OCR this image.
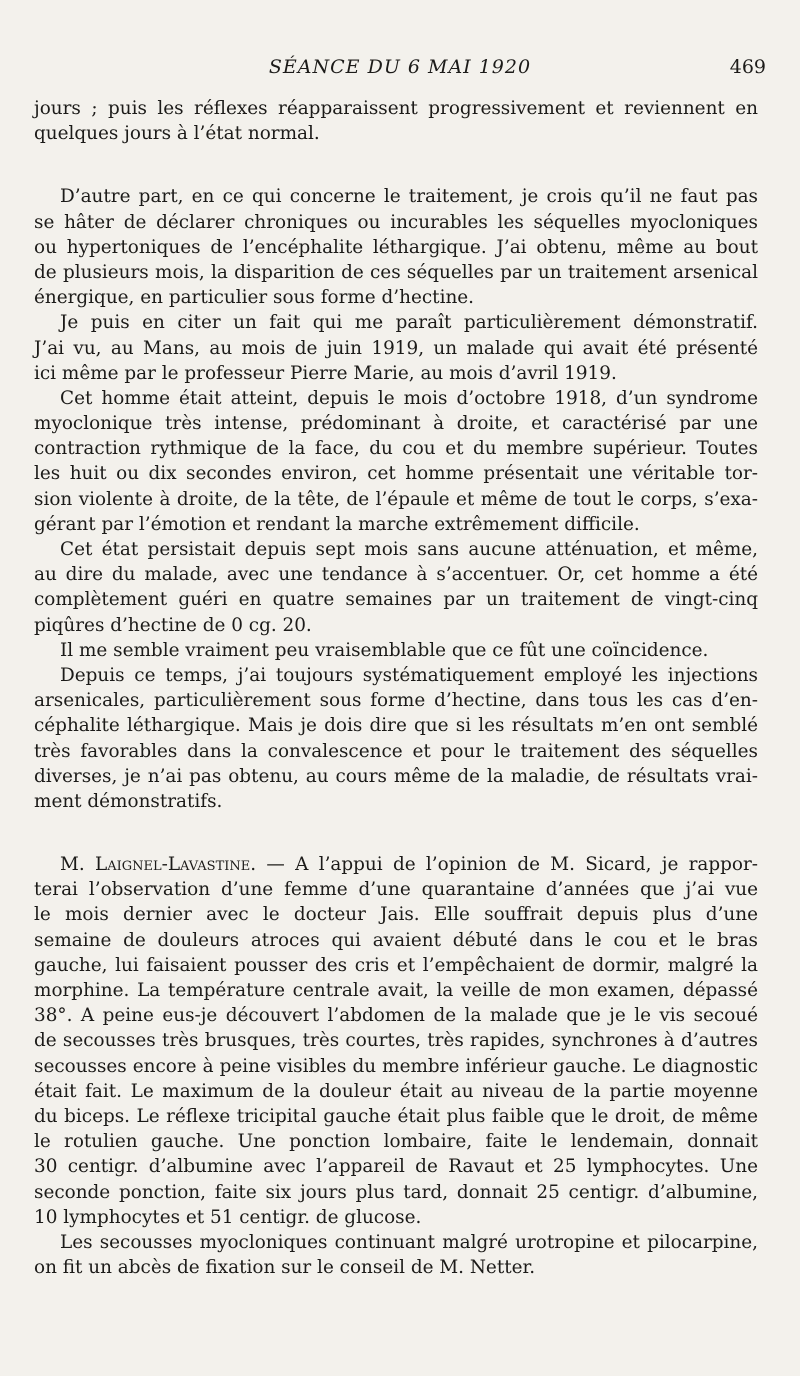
SÉANCE DU 6 MAI 1920	469
jours ; puis les réflexes réapparaissent progressivement et reviennent en
quelques jours à l’état normal.
D’autre part, en ce qui concerne le traitement, je crois qu’il ne faut pas
se hâter de déclarer chroniques ou incurables les séquelles myocloniques
ou hypertoniques de l’encéphalite léthargique. J’ai obtenu, même au bout
de plusieurs mois, la disparition de ces séquelles par un traitement arsenical
énergique, en particulier sous forme d’hectine.
Je puis en citer un fait qui me paraît particulièrement démonstratif.
J’ai vu, au Mans, au mois de juin 1919, un malade qui avait été présenté
ici même par le professeur Pierre Marie, au mois d’avril 1919.
Cet homme était atteint, depuis le mois d’octobre 1918, d’un syndrome
myoclonique très intense, prédominant à droite, et caractérisé par une
contraction rythmique de la face, du cou et du membre supérieur. Toutes
les huit ou dix secondes environ, cet homme présentait une véritable tor-
sion violente à droite, de la tête, de l’épaule et même de tout le corps, s’exa-
gérant par l’émotion et rendant la marche extrêmement difficile.
Cet état persistait depuis sept mois sans aucune atténuation, et même,
au dire du malade, avec une tendance à s’accentuer. Or, cet homme a été
complètement guéri en quatre semaines par un traitement de vingt-cinq
piqûres d’hectine de 0 cg. 20.
Il me semble vraiment peu vraisemblable que ce fût une coïncidence.
Depuis ce temps, j’ai toujours systématiquement employé les injections
arsenicales, particulièrement sous forme d’hectine, dans tous les cas d’en-
céphalite léthargique. Mais je dois dire que si les résultats m’en ont semblé
très favorables dans la convalescence et pour le traitement des séquelles
diverses, je n’ai pas obtenu, au cours même de la maladie, de résultats vrai-
ment démonstratifs.
M. Laignel-Lavastine. — A l’appui de l’opinion de M. Sicard, je rappor-
terai l’observation d’une femme d’une quarantaine d’années que j’ai vue
le mois dernier avec le docteur Jais. Elle souffrait depuis plus d’une
semaine de douleurs atroces qui avaient débuté dans le cou et le bras
gauche, lui faisaient pousser des cris et l’empêchaient de dormir, malgré la
morphine. La température centrale avait, la veille de mon examen, dépassé
38°. A peine eus-je découvert l’abdomen de la malade que je le vis secoué
de secousses très brusques, très courtes, très rapides, synchrones à d’autres
secousses encore à peine visibles du membre inférieur gauche. Le diagnostic
était fait. Le maximum de la douleur était au niveau de la partie moyenne
du biceps. Le réflexe tricipital gauche était plus faible que le droit, de même
le rotulien gauche. Une ponction lombaire, faite le lendemain, donnait
30 centigr. d’albumine avec l’appareil de Ravaut et 25 lymphocytes. Une
seconde ponction, faite six jours plus tard, donnait 25 centigr. d’albumine,
10 lymphocytes et 51 centigr. de glucose.
Les secousses myocloniques continuant malgré urotropine et pilocarpine,
on fit un abcès de fixation sur le conseil de M. Netter.
